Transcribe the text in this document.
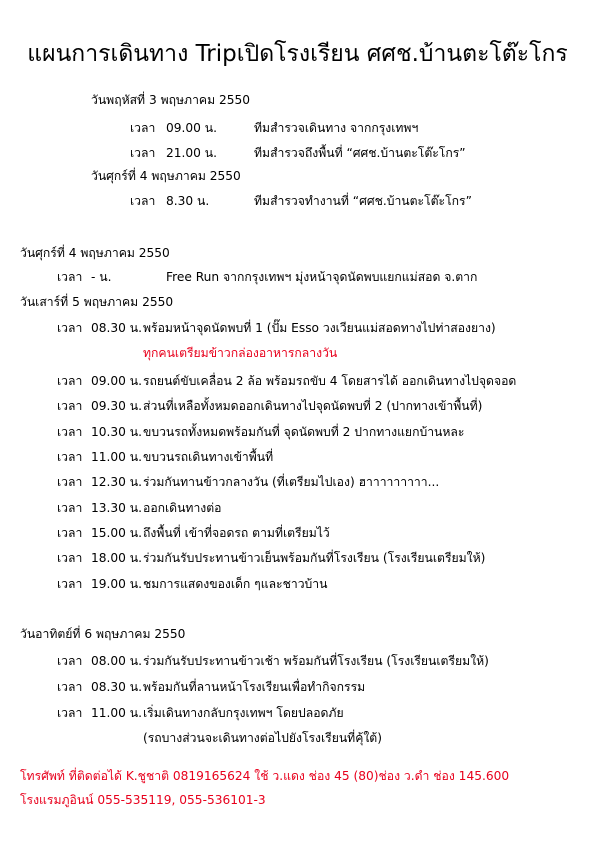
แผนการเดินทาง Tripเปิดโรงเรียน ศศช.บ้านตะโต๊ะโกร
วันพฤหัสที่ 3 พฤษภาคม 2550
เวลา 09.00 น.	ทีมสำรวจเดินทาง จากกรุงเทพฯ
เวลา 21.00 น.	ทีมสำรวจถึงพื้นที่ “ศศช.บ้านตะโต๊ะโกร”
วันศุกร์ที่ 4 พฤษภาคม 2550
เวลา 8.30 น.	ทีมสำรวจทำงานที่ “ศศช.บ้านตะโต๊ะโกร”
วันศุกร์ที่ 4 พฤษภาคม 2550
เวลา - น.	Free Run จากกรุงเทพฯ มุ่งหน้าจุดนัดพบแยกแม่สอด จ.ตาก
วันเสาร์ที่ 5 พฤษภาคม 2550
เวลา 08.30 น. พร้อมหน้าจุดนัดพบที่ 1 (ปั๊ม Esso วงเวียนแม่สอดทางไปท่าสองยาง)
ทุกคนเตรียมข้าวกล่องอาหารกลางวัน
เวลา 09.00 น. รถยนต์ขับเคลื่อน 2 ล้อ พร้อมรถขับ 4 โดยสารได้ ออกเดินทางไปจุดจอด
เวลา 09.30 น. ส่วนที่เหลือทั้งหมดออกเดินทางไปจุดนัดพบที่ 2 (ปากทางเข้าพื้นที่)
เวลา 10.30 น. ขบวนรถทั้งหมดพร้อมกันที่ จุดนัดพบที่ 2 ปากทางแยกบ้านหละ
เวลา 11.00 น. ขบวนรถเดินทางเข้าพื้นที่
เวลา 12.30 น. ร่วมกันทานข้าวกลางวัน (ที่เตรียมไปเอง) ฮาาาาาาาาา...
เวลา 13.30 น. ออกเดินทางต่อ
เวลา 15.00 น. ถึงพื้นที่ เข้าที่จอดรถ ตามที่เตรียมไว้
เวลา 18.00 น. ร่วมกันรับประทานข้าวเย็นพร้อมกันที่โรงเรียน (โรงเรียนเตรียมให้)
เวลา 19.00 น. ชมการแสดงของเด็ก ๆและชาวบ้าน
วันอาทิตย์ที่ 6 พฤษภาคม 2550
เวลา 08.00 น. ร่วมกันรับประทานข้าวเช้า พร้อมกันที่โรงเรียน (โรงเรียนเตรียมให้)
เวลา 08.30 น. พร้อมกันที่ลานหน้าโรงเรียนเพื่อทำกิจกรรม
เวลา 11.00 น. เริ่มเดินทางกลับกรุงเทพฯ โดยปลอดภัย
(รถบางส่วนจะเดินทางต่อไปยังโรงเรียนที่คุ้ใต้)
โทรศัพท์ ที่ติดต่อได้ K.ชูชาติ 0819165624 ใช้ ว.แดง ช่อง 45 (80)ช่อง ว.ดำ ช่อง 145.600
โรงแรมภูอินน์ 055-535119, 055-536101-3
